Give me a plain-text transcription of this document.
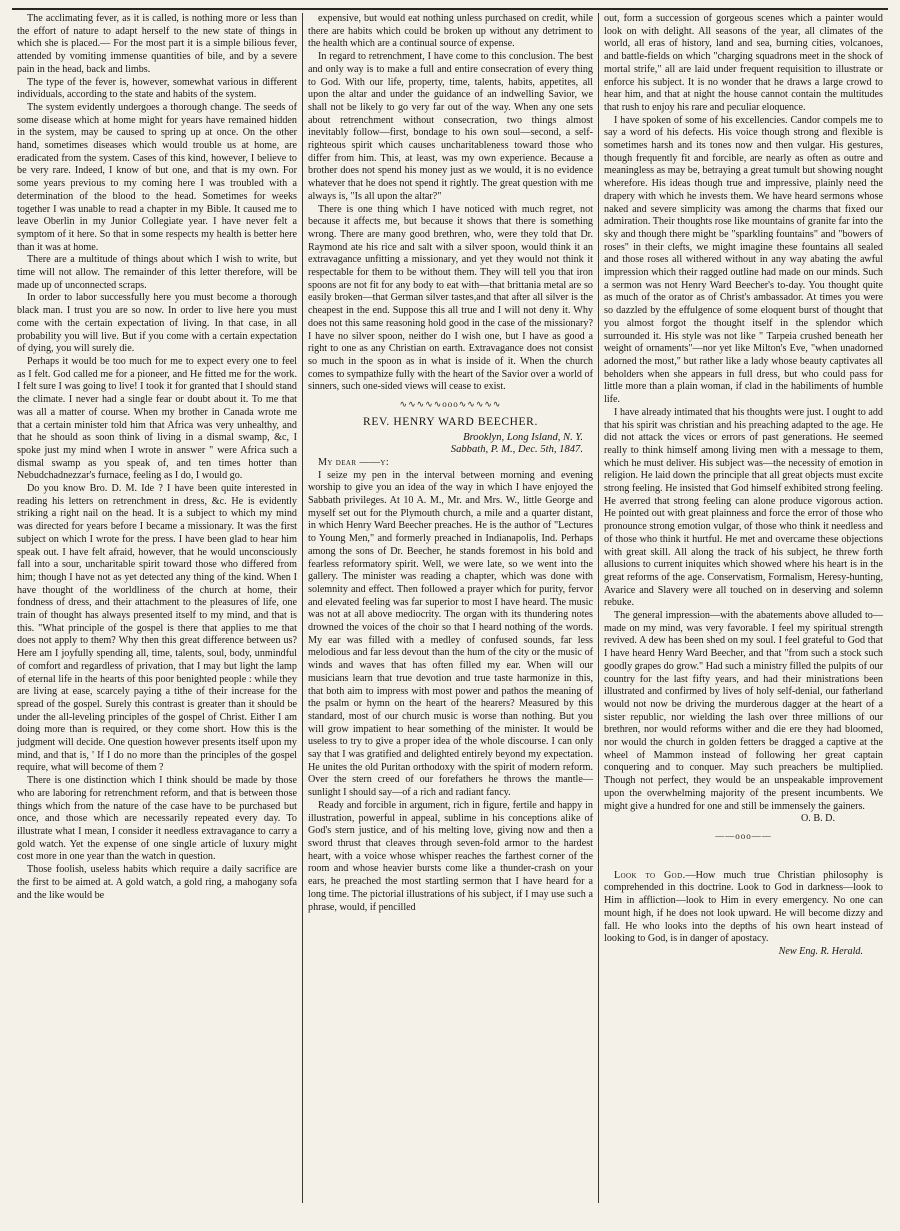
The acclimating fever, as it is called, is nothing more or less than the effort of nature to adapt herself to the new state of things in which she is placed.— For the most part it is a simple bilious fever, attended by vomiting immense quantities of bile, and by a severe pain in the head, back and limbs.

The type of the fever is, however, somewhat various in different individuals, according to the state and habits of the system.

The system evidently undergoes a thorough change. The seeds of some disease which at home might for years have remained hidden in the system, may be caused to spring up at once. On the other hand, sometimes diseases which would trouble us at home, are eradicated from the system. Cases of this kind, however, I believe to be very rare. Indeed, I know of but one, and that is my own. For some years previous to my coming here I was troubled with a determination of the blood to the head. Sometimes for weeks together I was unable to read a chapter in my Bible. It caused me to leave Oberlin in my Junior Collegiate year. I have never felt a symptom of it here. So that in some respects my health is better here than it was at home.

There are a multitude of things about which I wish to write, but time will not allow. The remainder of this letter therefore, will be made up of unconnected scraps.

In order to labor successfully here you must become a thorough black man. I trust you are so now. In order to live here you must come with the certain expectation of living. In that case, in all probability you will live. But if you come with a certain expectation of dying, you will surely die.

Perhaps it would be too much for me to expect every one to feel as I felt. God called me for a pioneer, and He fitted me for the work. I felt sure I was going to live! I took it for granted that I should stand the climate. I never had a single fear or doubt about it. To me that was all a matter of course. When my brother in Canada wrote me that a certain minister told him that Africa was very unhealthy, and that he should as soon think of living in a dismal swamp, &c, I spoke just my mind when I wrote in answer " were Africa such a dismal swamp as you speak of, and ten times hotter than Nebudchadnezzar's furnace, feeling as I do, I would go.

Do you know Bro. D. M. Ide ? I have been quite interested in reading his letters on retrenchment in dress, &c. He is evidently striking a right nail on the head. It is a subject to which my mind was directed for years before I became a missionary. It was the first subject on which I wrote for the press. I have been glad to hear him speak out. I have felt afraid, however, that he would unconsciously fall into a sour, uncharitable spirit toward those who differed from him; though I have not as yet detected any thing of the kind. When I have thought of the worldliness of the church at home, their fondness of dress, and their attachment to the pleasures of life, one train of thought has always presented itself to my mind, and that is this. "What principle of the gospel is there that applies to me that does not apply to them? Why then this great difference between us? Here am I joyfully spending all, time, talents, soul, body, unmindful of comfort and regardless of privation, that I may but light the lamp of eternal life in the hearts of this poor benighted people : while they are living at ease, scarcely paying a tithe of their increase for the spread of the gospel. Surely this contrast is greater than it should be under the all-leveling principles of the gospel of Christ. Either I am doing more than is required, or they come short. How this is the judgment will decide. One question however presents itself upon my mind, and that is, ' If I do no more than the principles of the gospel require, what will become of them ?

There is one distinction which I think should be made by those who are laboring for retrenchment reform, and that is between those things which from the nature of the case have to be purchased but once, and those which are necessarily repeated every day. To illustrate what I mean, I consider it needless extravagance to carry a gold watch. Yet the expense of one single article of luxury might cost more in one year than the watch in question.

Those foolish, useless habits which require a daily sacrifice are the first to be aimed at. A gold watch, a gold ring, a mahogany sofa and the like would be

expensive, but would eat nothing unless purchased on credit, while there are habits which could be broken up without any detriment to the health which are a continual source of expense.

In regard to retrenchment, I have come to this conclusion. The best and only way is to make a full and entire consecration of every thing to God. With our life, property, time, talents, habits, appetites, all upon the altar and under the guidance of an indwelling Savior, we shall not be likely to go very far out of the way. When any one sets about retrenchment without consecration, two things almost inevitably follow—first, bondage to his own soul—second, a self-righteous spirit which causes uncharitableness toward those who differ from him. This, at least, was my own experience. Because a brother does not spend his money just as we would, it is no evidence whatever that he does not spend it rightly. The great question with me always is, "Is all upon the altar?"

There is one thing which I have noticed with much regret, not because it affects me, but because it shows that there is something wrong. There are many good brethren, who, were they told that Dr. Raymond ate his rice and salt with a silver spoon, would think it an extravagance unfitting a missionary, and yet they would not think it respectable for them to be without them. They will tell you that iron spoons are not fit for any body to eat with—that brittania metal are so easily broken—that German silver tastes,and that after all silver is the cheapest in the end. Suppose this all true and I will not deny it. Why does not this same reasoning hold good in the case of the missionary? I have no silver spoon, neither do I wish one, but I have as good a right to one as any Christian on earth. Extravagance does not consist so much in the spoon as in what is inside of it. When the church comes to sympathize fully with the heart of the Savior over a world of sinners, such one-sided views will cease to exist.

∿∿∿∿∿ooo∿∿∿∿∿
REV. HENRY WARD BEECHER.

Brooklyn, Long Island, N. Y.

Sabbath, P. M., Dec. 5th, 1847.

My dear ——y:

I seize my pen in the interval between morning and evening worship to give you an idea of the way in which I have enjoyed the Sabbath privileges. At 10 A. M., Mr. and Mrs. W., little George and myself set out for the Plymouth church, a mile and a quarter distant, in which Henry Ward Beecher preaches. He is the author of "Lectures to Young Men," and formerly preached in Indianapolis, Ind. Perhaps among the sons of Dr. Beecher, he stands foremost in his bold and fearless reformatory spirit. Well, we were late, so we went into the gallery. The minister was reading a chapter, which was done with solemnity and effect. Then followed a prayer which for purity, fervor and elevated feeling was far superior to most I have heard. The music was not at all above mediocrity. The organ with its thundering notes drowned the voices of the choir so that I heard nothing of the words. My ear was filled with a medley of confused sounds, far less melodious and far less devout than the hum of the city or the music of winds and waves that has often filled my ear. When will our musicians learn that true devotion and true taste harmonize in this, that both aim to impress with most power and pathos the meaning of the psalm or hymn on the heart of the hearers? Measured by this standard, most of our church music is worse than nothing. But you will grow impatient to hear something of the minister. It would be useless to try to give a proper idea of the whole discourse. I can only say that I was gratified and delighted entirely beyond my expectation. He unites the old Puritan orthodoxy with the spirit of modern reform. Over the stern creed of our forefathers he throws the mantle—sunlight I should say—of a rich and radiant fancy.

Ready and forcible in argument, rich in figure, fertile and happy in illustration, powerful in appeal, sublime in his conceptions alike of God's stern justice, and of his melting love, giving now and then a sword thrust that cleaves through seven-fold armor to the hardest heart, with a voice whose whisper reaches the farthest corner of the room and whose heavier bursts come like a thunder-crash on your ears, he preached the most startling sermon that I have heard for a long time. The pictorial illustrations of his subject, if I may use such a phrase, would, if pencilled

out, form a succession of gorgeous scenes which a painter would look on with delight. All seasons of the year, all climates of the world, all eras of history, land and sea, burning cities, volcanoes, and battle-fields on which "charging squadrons meet in the shock of mortal strife," all are laid under frequent requisition to illustrate or enforce his subject. It is no wonder that he draws a large crowd to hear him, and that at night the house cannot contain the multitudes that rush to enjoy his rare and peculiar eloquence.

I have spoken of some of his excellencies. Candor compels me to say a word of his defects. His voice though strong and flexible is sometimes harsh and its tones now and then vulgar. His gestures, though frequently fit and forcible, are nearly as often as outre and meaningless as may be, betraying a great tumult but showing nought wherefore. His ideas though true and impressive, plainly need the drapery with which he invests them. We have heard sermons whose naked and severe simplicity was among the charms that fixed our admiration. Their thoughts rose like mountains of granite far into the sky and though there might be "sparkling fountains" and "bowers of roses" in their clefts, we might imagine these fountains all sealed and those roses all withered without in any way abating the awful impression which their ragged outline had made on our minds. Such a sermon was not Henry Ward Beecher's to-day. You thought quite as much of the orator as of Christ's ambassador. At times you were so dazzled by the effulgence of some eloquent burst of thought that you almost forgot the thought itself in the splendor which surrounded it. His style was not like " Tarpeia crushed beneath her weight of ornaments"—nor yet like Milton's Eve, "when unadorned adorned the most," but rather like a lady whose beauty captivates all beholders when she appears in full dress, but who could pass for little more than a plain woman, if clad in the habiliments of humble life.

I have already intimated that his thoughts were just. I ought to add that his spirit was christian and his preaching adapted to the age. He did not attack the vices or errors of past generations. He seemed really to think himself among living men with a message to them, which he must deliver. His subject was—the necessity of emotion in religion. He laid down the principle that all great objects must excite strong feeling. He insisted that God himself exhibited strong feeling. He averred that strong feeling can alone produce vigorous action. He pointed out with great plainness and force the error of those who pronounce strong emotion vulgar, of those who think it needless and of those who think it hurtful. He met and overcame these objections with great skill. All along the track of his subject, he threw forth allusions to current iniquites which showed where his heart is in the great reforms of the age. Conservatism, Formalism, Heresy-hunting, Avarice and Slavery were all touched on in deserving and solemn rebuke.

The general impression—with the abatements above alluded to—made on my mind, was very favorable. I feel my spiritual strength revived. A dew has been shed on my soul. I feel grateful to God that I have heard Henry Ward Beecher, and that "from such a stock such goodly grapes do grow." Had such a ministry filled the pulpits of our country for the last fifty years, and had their ministrations been illustrated and confirmed by lives of holy self-denial, our fatherland would not now be driving the murderous dagger at the heart of a sister republic, nor wielding the lash over three millions of our brethren, nor would reforms wither and die ere they had bloomed, nor would the church in golden fetters be dragged a captive at the wheel of Mammon instead of following her great captain conquering and to conquer. May such preachers be multiplied. Though not perfect, they would be an unspeakable improvement upon the overwhelming majority of the present incumbents. We might give a hundred for one and still be immensely the gainers.

O. B. D.

——ooo——

Look to God.—How much true Christian philosophy is comprehended in this doctrine. Look to God in darkness—look to Him in affliction—look to Him in every emergency. No one can mount high, if he does not look upward. He will become dizzy and fall. He who looks into the depths of his own heart instead of looking to God, is in danger of apostacy.

New Eng. R. Herald.
